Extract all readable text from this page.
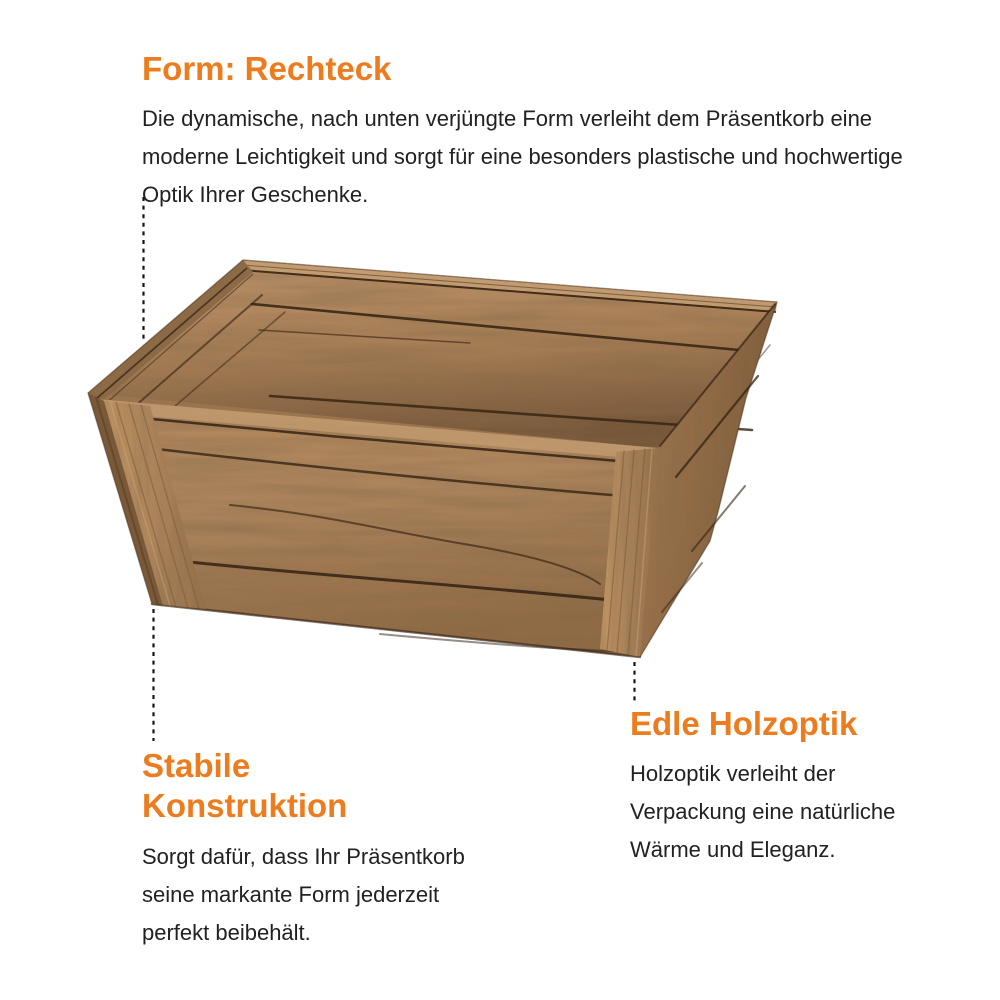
Form: Rechteck

Die dynamische, nach unten verjüngte Form verleiht dem Präsentkorb eine moderne Leichtigkeit und sorgt für eine besonders plastische und hochwertige Optik Ihrer Geschenke.

Stabile Konstruktion

Sorgt dafür, dass Ihr Präsentkorb seine markante Form jederzeit perfekt beibehält.

Edle Holzoptik

Holzoptik verleiht der Verpackung eine natürliche Wärme und Eleganz.
